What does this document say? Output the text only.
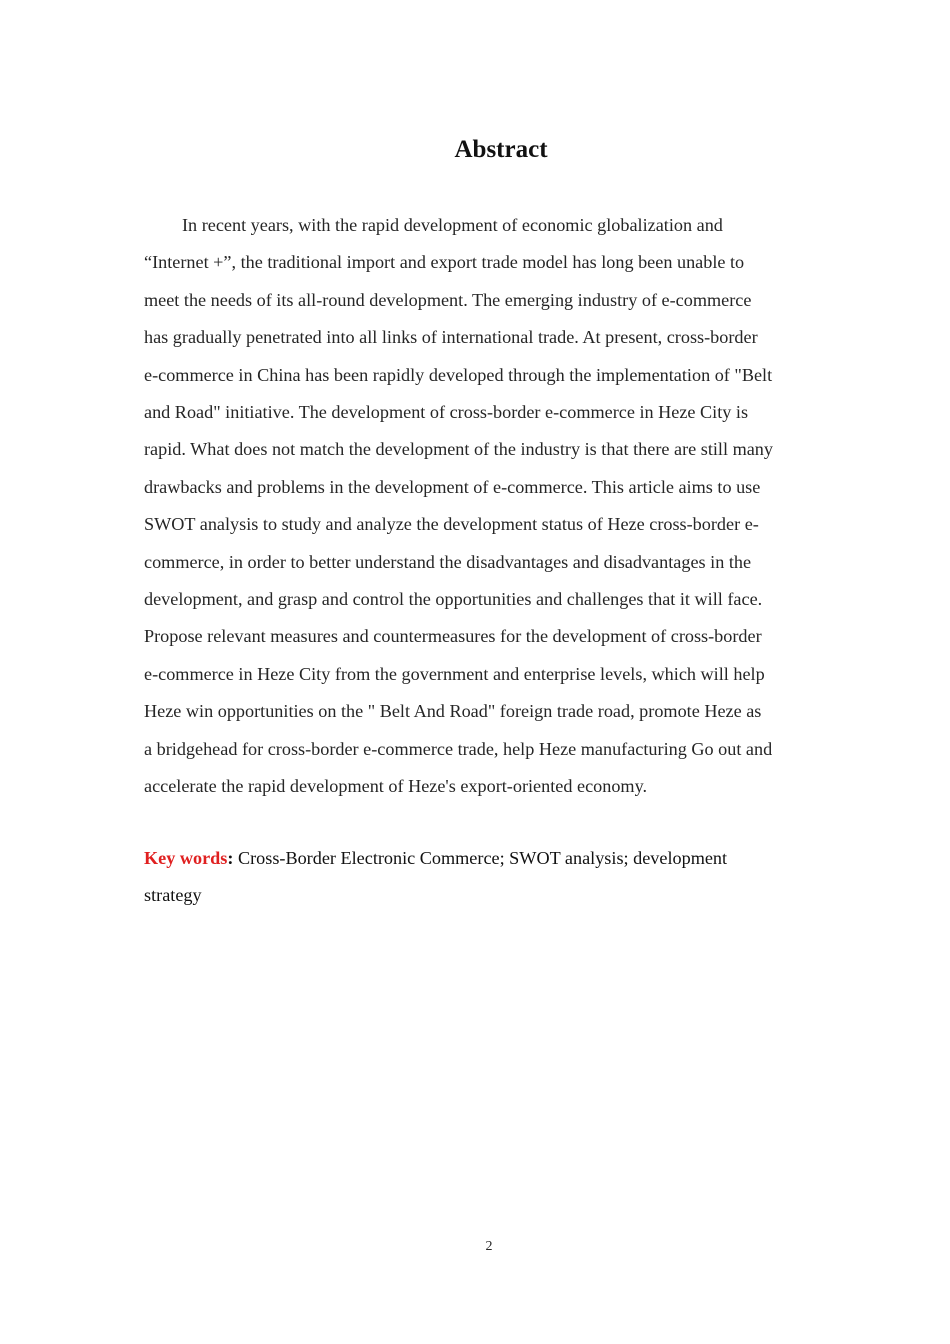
Abstract
In recent years, with the rapid development of economic globalization and
“Internet +”, the traditional import and export trade model has long been unable to
meet the needs of its all-round development. The emerging industry of e-commerce
has gradually penetrated into all links of international trade. At present, cross-border
e-commerce in China has been rapidly developed through the implementation of "Belt
and Road" initiative. The development of cross-border e-commerce in Heze City is
rapid. What does not match the development of the industry is that there are still many
drawbacks and problems in the development of e-commerce. This article aims to use
SWOT analysis to study and analyze the development status of Heze cross-border e-
commerce, in order to better understand the disadvantages and disadvantages in the
development, and grasp and control the opportunities and challenges that it will face.
Propose relevant measures and countermeasures for the development of cross-border
e-commerce in Heze City from the government and enterprise levels, which will help
Heze win opportunities on the " Belt And Road" foreign trade road, promote Heze as
a bridgehead for cross-border e-commerce trade, help Heze manufacturing Go out and
accelerate the rapid development of Heze's export-oriented economy.
Key words: Cross-Border Electronic Commerce; SWOT analysis; development
strategy
2
